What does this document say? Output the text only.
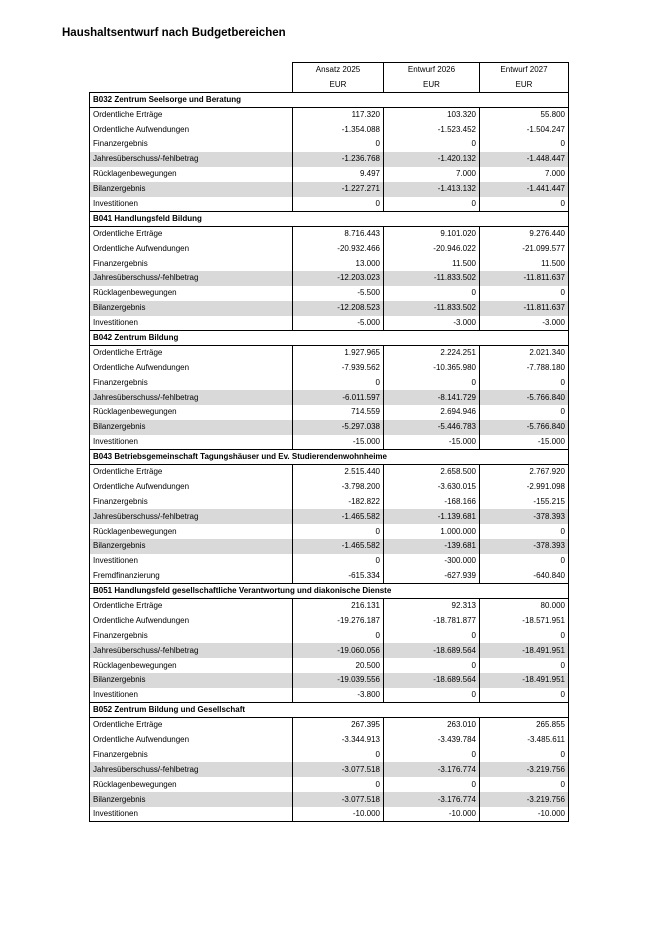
Haushaltsentwurf nach Budgetbereichen
	Ansatz 2025	Entwurf 2026	Entwurf 2027
	EUR	EUR	EUR
B032 Zentrum Seelsorge und Beratung			
Ordentliche Erträge	117.320	103.320	55.800
Ordentliche Aufwendungen	-1.354.088	-1.523.452	-1.504.247
Finanzergebnis	0	0	0
Jahresüberschuss/-fehlbetrag	-1.236.768	-1.420.132	-1.448.447
Rücklagenbewegungen	9.497	7.000	7.000
Bilanzergebnis	-1.227.271	-1.413.132	-1.441.447
Investitionen	0	0	0
B041 Handlungsfeld Bildung			
Ordentliche Erträge	8.716.443	9.101.020	9.276.440
Ordentliche Aufwendungen	-20.932.466	-20.946.022	-21.099.577
Finanzergebnis	13.000	11.500	11.500
Jahresüberschuss/-fehlbetrag	-12.203.023	-11.833.502	-11.811.637
Rücklagenbewegungen	-5.500	0	0
Bilanzergebnis	-12.208.523	-11.833.502	-11.811.637
Investitionen	-5.000	-3.000	-3.000
B042 Zentrum Bildung			
Ordentliche Erträge	1.927.965	2.224.251	2.021.340
Ordentliche Aufwendungen	-7.939.562	-10.365.980	-7.788.180
Finanzergebnis	0	0	0
Jahresüberschuss/-fehlbetrag	-6.011.597	-8.141.729	-5.766.840
Rücklagenbewegungen	714.559	2.694.946	0
Bilanzergebnis	-5.297.038	-5.446.783	-5.766.840
Investitionen	-15.000	-15.000	-15.000
B043 Betriebsgemeinschaft Tagungshäuser und Ev. Studierendenwohnheime			
Ordentliche Erträge	2.515.440	2.658.500	2.767.920
Ordentliche Aufwendungen	-3.798.200	-3.630.015	-2.991.098
Finanzergebnis	-182.822	-168.166	-155.215
Jahresüberschuss/-fehlbetrag	-1.465.582	-1.139.681	-378.393
Rücklagenbewegungen	0	1.000.000	0
Bilanzergebnis	-1.465.582	-139.681	-378.393
Investitionen	0	-300.000	0
Fremdfinanzierung	-615.334	-627.939	-640.840
B051 Handlungsfeld gesellschaftliche Verantwortung und diakonische Dienste			
Ordentliche Erträge	216.131	92.313	80.000
Ordentliche Aufwendungen	-19.276.187	-18.781.877	-18.571.951
Finanzergebnis	0	0	0
Jahresüberschuss/-fehlbetrag	-19.060.056	-18.689.564	-18.491.951
Rücklagenbewegungen	20.500	0	0
Bilanzergebnis	-19.039.556	-18.689.564	-18.491.951
Investitionen	-3.800	0	0
B052 Zentrum Bildung und Gesellschaft			
Ordentliche Erträge	267.395	263.010	265.855
Ordentliche Aufwendungen	-3.344.913	-3.439.784	-3.485.611
Finanzergebnis	0	0	0
Jahresüberschuss/-fehlbetrag	-3.077.518	-3.176.774	-3.219.756
Rücklagenbewegungen	0	0	0
Bilanzergebnis	-3.077.518	-3.176.774	-3.219.756
Investitionen	-10.000	-10.000	-10.000
